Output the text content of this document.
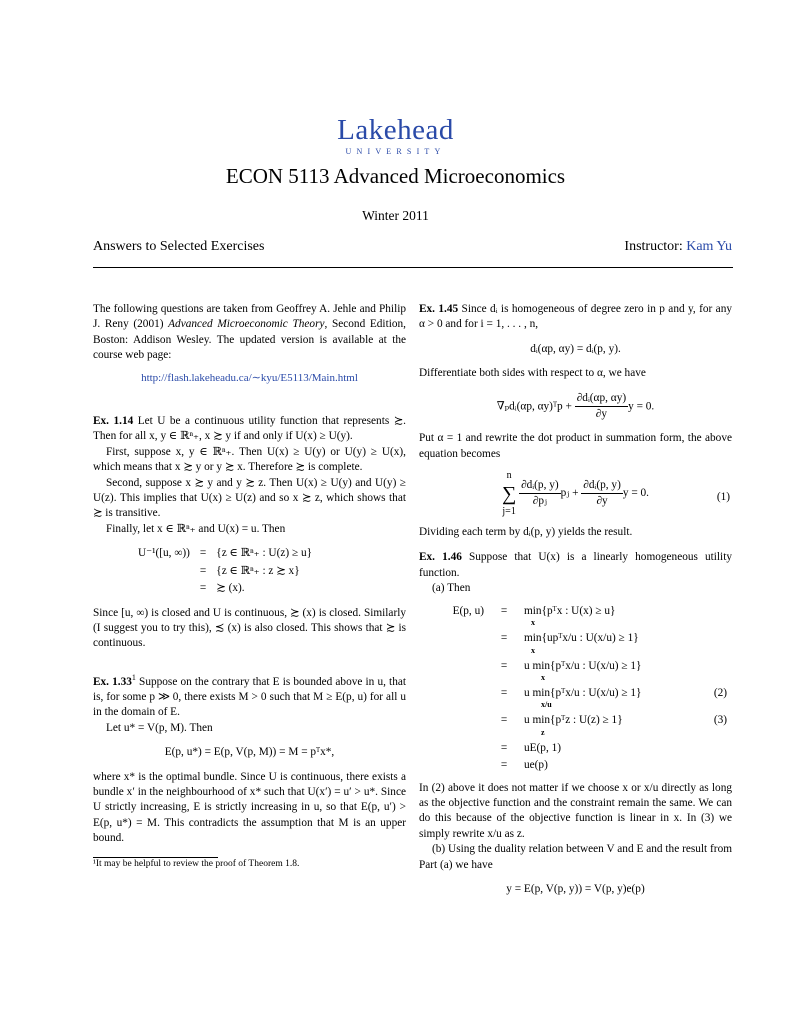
Lakehead
UNIVERSITY
ECON 5113 Advanced Microeconomics
Winter 2011
Answers to Selected Exercises	Instructor: Kam Yu

The following questions are taken from Geoffrey A. Jehle and Philip J. Reny (2001) Advanced Microeconomic Theory, Second Edition, Boston: Addison Wesley. The updated version is available at the course web page:

http://flash.lakeheadu.ca/∼kyu/E5113/Main.html

Ex. 1.14 Let U be a continuous utility function that represents ≿. Then for all x, y ∈ ℝⁿ₊, x ≿ y if and only if U(x) ≥ U(y).

First, suppose x, y ∈ ℝⁿ₊. Then U(x) ≥ U(y) or U(y) ≥ U(x), which means that x ≿ y or y ≿ x. Therefore ≿ is complete.

Second, suppose x ≿ y and y ≿ z. Then U(x) ≥ U(y) and U(y) ≥ U(z). This implies that U(x) ≥ U(z) and so x ≿ z, which shows that ≿ is transitive.

Finally, let x ∈ ℝⁿ₊ and U(x) = u. Then

U⁻¹([u, ∞))	=	{z ∈ ℝⁿ₊ : U(z) ≥ u}
	=	{z ∈ ℝⁿ₊ : z ≿ x}
	=	≿ (x).

Since [u, ∞) is closed and U is continuous, ≿ (x) is closed. Similarly (I suggest you to try this), ≾ (x) is also closed. This shows that ≿ is continuous.

Ex. 1.33$^1$ Suppose on the contrary that E is bounded above in u, that is, for some p ≫ 0, there exists M > 0 such that M ≥ E(p, u) for all u in the domain of E.

Let u* = V(p, M). Then

E(p, u*) = E(p, V(p, M)) = M = pᵀx*,

where x* is the optimal bundle. Since U is continuous, there exists a bundle x′ in the neighbourhood of x* such that U(x′) = u′ > u*. Since U strictly increasing, E is strictly increasing in u, so that E(p, u′) > E(p, u*) = M. This contradicts the assumption that M is an upper bound.

¹It may be helpful to review the proof of Theorem 1.8.

Ex. 1.45 Since dᵢ is homogeneous of degree zero in p and y, for any α > 0 and for i = 1, . . . , n,

dᵢ(αp, αy) = dᵢ(p, y).

Differentiate both sides with respect to α, we have

∇ₚdᵢ(αp, αy)ᵀp + $\frac{\text{∂dᵢ(αp, αy)}}{\partial y}$ y = 0.

Put α = 1 and rewrite the dot product in summation form, the above equation becomes

n
∑
j=1

$\frac{\text{∂dᵢ(p, y)}}{\text{∂pⱼ}}$ pⱼ + $\frac{\text{∂dᵢ(p, y)}}{\partial y}$ y = 0.	(1)

Dividing each term by dᵢ(p, y) yields the result.

Ex. 1.46 Suppose that U(x) is a linearly homogeneous utility function.

(a) Then

E(p, u)	=	min{pᵀx : U(x) ≥ u}	
		x	
	=	min{upᵀx/u : U(x/u) ≥ 1}	
		x	
	=	u min{pᵀx/u : U(x/u) ≥ 1}	
		x	
	=	u min{pᵀx/u : U(x/u) ≥ 1}	(2)
		x/u	
	=	u min{pᵀz : U(z) ≥ 1}	(3)
		z	
	=	uE(p, 1)	
	=	ue(p)	

In (2) above it does not matter if we choose x or x/u directly as long as the objective function and the constraint remain the same. We can do this because of the objective function is linear in x. In (3) we simply rewrite x/u as z.

(b) Using the duality relation between V and E and the result from Part (a) we have

y = E(p, V(p, y)) = V(p, y)e(p)
